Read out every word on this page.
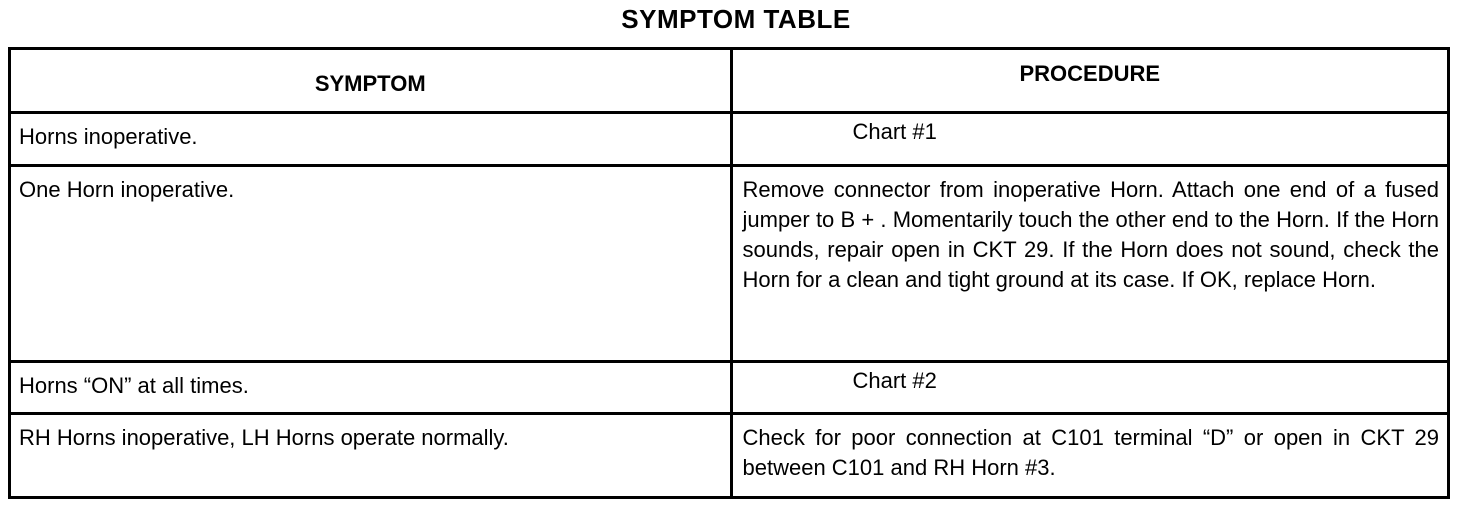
SYMPTOM TABLE
SYMPTOM	PROCEDURE

Horns inoperative.	Chart #1

One Horn inoperative.	Remove connector from inoperative Horn. Attach one end of a fused jumper to B + . Momentarily touch the other end to the Horn. If the Horn sounds, repair open in CKT 29. If the Horn does not sound, check the Horn for a clean and tight ground at its case. If OK, replace Horn.

Horns “ON” at all times.	Chart #2

RH Horns inoperative, LH Horns operate normally.	Check for poor connection at C101 terminal “D” or open in CKT 29 between C101 and RH Horn #3.
